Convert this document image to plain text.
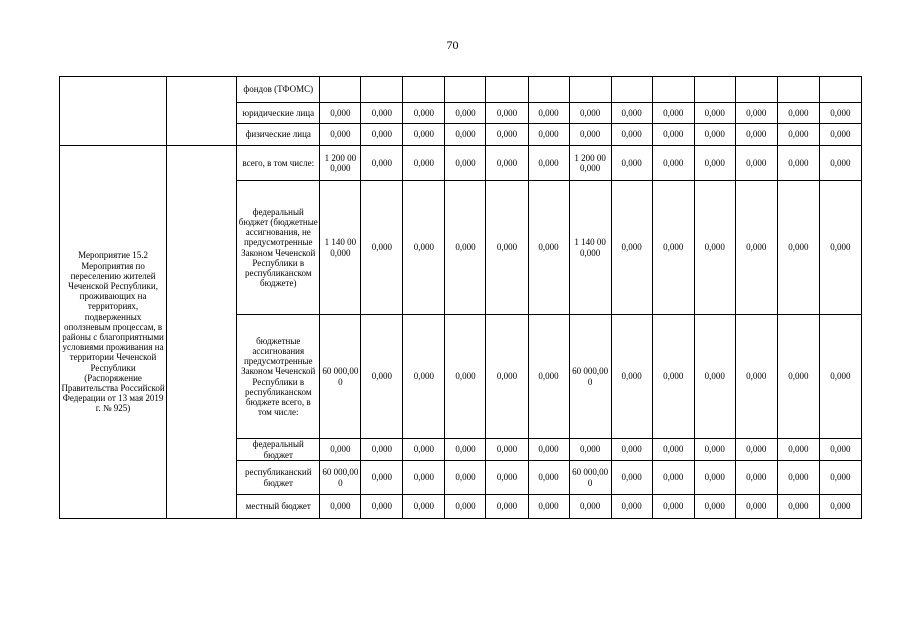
70
		фондов (ТФОМС)													
		юридические лица	0,000	0,000	0,000	0,000	0,000	0,000	0,000	0,000	0,000	0,000	0,000	0,000	0,000
		физические лица	0,000	0,000	0,000	0,000	0,000	0,000	0,000	0,000	0,000	0,000	0,000	0,000	0,000
Мероприятие 15.2 Мероприятия по переселению жителей Чеченской Республики, проживающих на территориях, подверженных оползневым процессам, в районы с благоприятными условиями проживания на территории Чеченской Республики (Распоряжение Правительства Российской Федерации от 13 мая 2019 г. № 925)		всего, в том числе:	1 200 000,000	0,000	0,000	0,000	0,000	0,000	1 200 000,000	0,000	0,000	0,000	0,000	0,000	0,000
		федеральный бюджет (бюджетные ассигнования, не предусмотренные Законом Чеченской Республики в республиканском бюджете)	1 140 000,000	0,000	0,000	0,000	0,000	0,000	1 140 000,000	0,000	0,000	0,000	0,000	0,000	0,000
		бюджетные ассигнования предусмотренные Законом Чеченской Республики в республиканском бюджете всего, в том числе:	60 000,000	0,000	0,000	0,000	0,000	0,000	60 000,000	0,000	0,000	0,000	0,000	0,000	0,000
		федеральный бюджет	0,000	0,000	0,000	0,000	0,000	0,000	0,000	0,000	0,000	0,000	0,000	0,000	0,000
		республиканский бюджет	60 000,000	0,000	0,000	0,000	0,000	0,000	60 000,000	0,000	0,000	0,000	0,000	0,000	0,000
		местный бюджет	0,000	0,000	0,000	0,000	0,000	0,000	0,000	0,000	0,000	0,000	0,000	0,000	0,000
